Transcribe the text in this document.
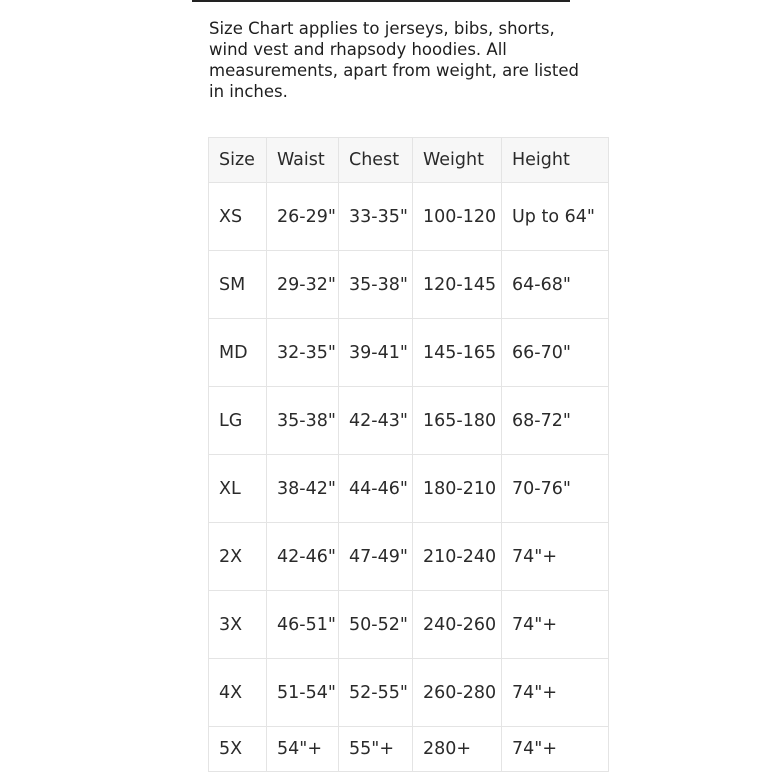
Size Chart applies to jerseys, bibs, shorts, wind vest and rhapsody hoodies. All measurements, apart from weight, are listed in inches.

Size	Waist	Chest	Weight	Height
XS	26-29"	33-35"	100-120	Up to 64"
SM	29-32"	35-38"	120-145	64-68"
MD	32-35"	39-41"	145-165	66-70"
LG	35-38"	42-43"	165-180	68-72"
XL	38-42"	44-46"	180-210	70-76"
2X	42-46"	47-49"	210-240	74"+
3X	46-51"	50-52"	240-260	74"+
4X	51-54"	52-55"	260-280	74"+
5X	54"+	55"+	280+	74"+
